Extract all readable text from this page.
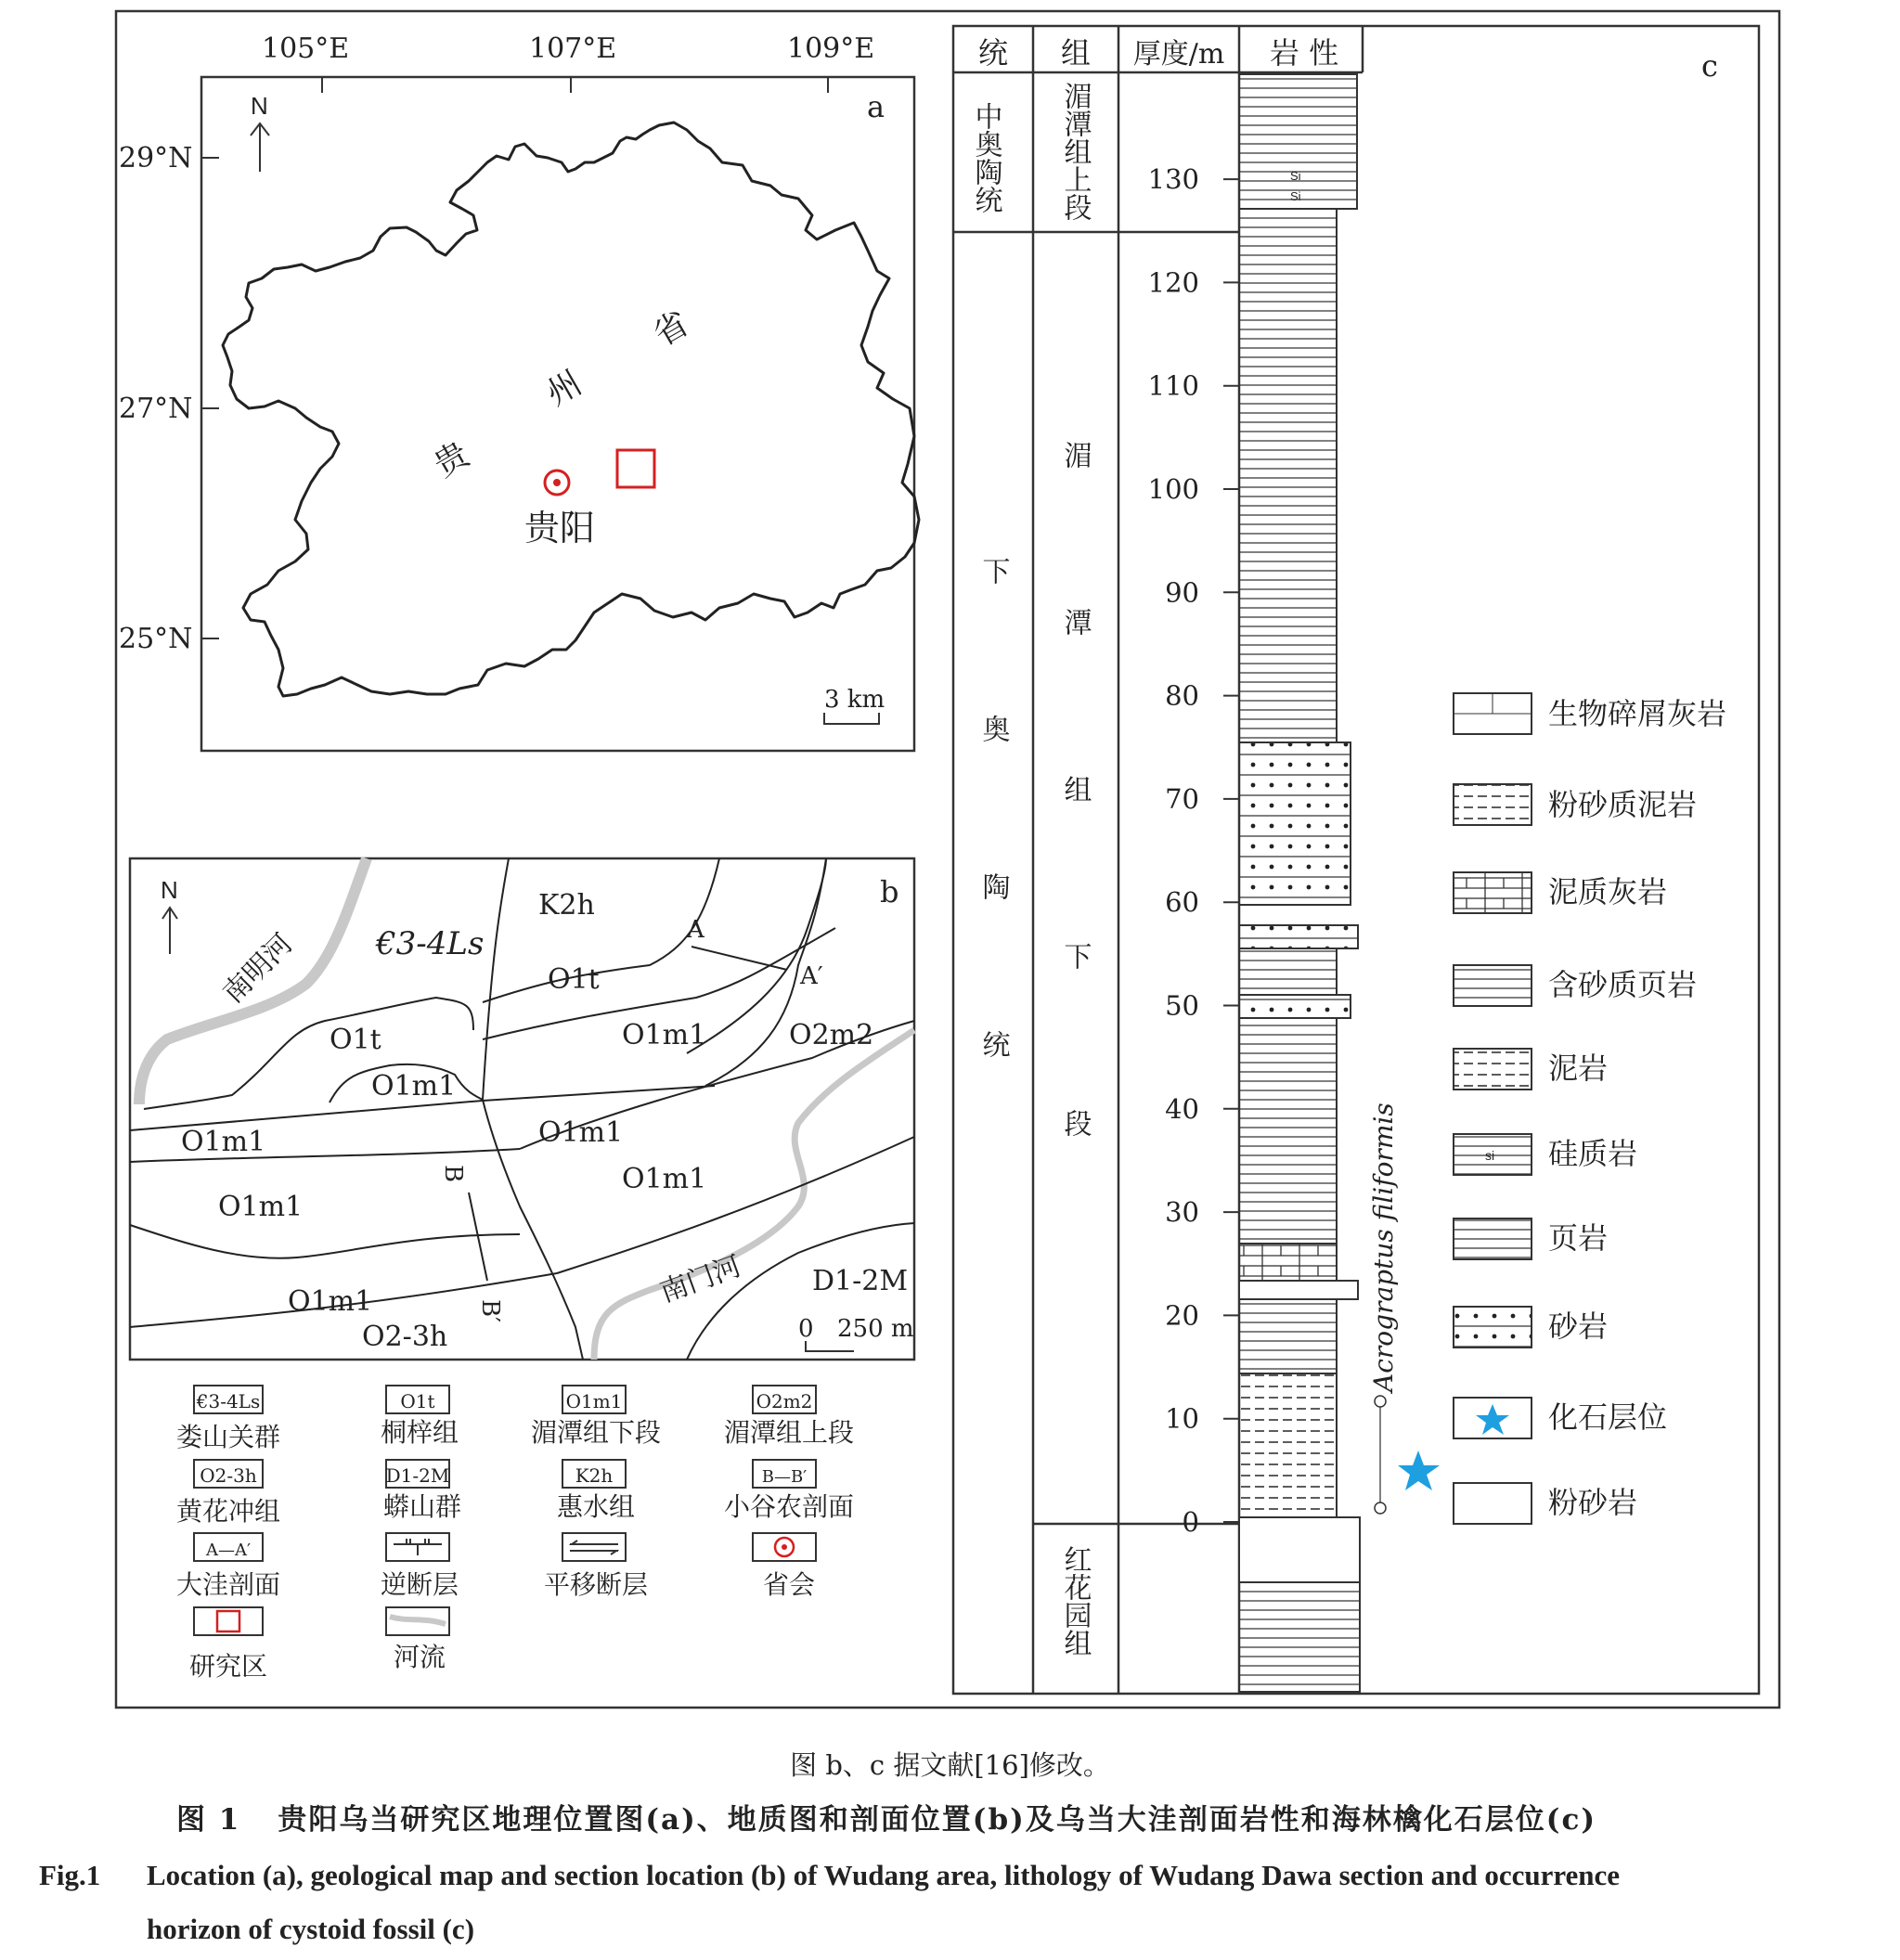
105°E	107°E	109°E
29°N
27°N
25°N
N	a
贵
州
省
贵阳
3 km
b
N
南明河
南门河
A
A′
B
B′
€3-4Ls
K2h
O1t
O1t
O1m1
O1m1	O2m2
O1m1	O1m1
O1m1
O1m1
O1m1
O2-3h
D1-2M
0 250 m
€3-4Ls
娄山关群
O1t
桐梓组
O1m1
湄潭组下段
O2m2
湄潭组上段
O2-3h
黄花冲组
D1-2M
蟒山群
K2h
惠水组
B—B′
小谷农剖面
A—A′
大洼剖面	逆断层	平移断层	省会
研究区	河流
统 组 厚度/m 岩 性	c
中奥陶统
下奥陶统
湄潭组上段
湄潭组下段
红花园组
130
120
110
100
90
80
70
60
50
40
30
20
10
0
Si
Si
Acrograptus filiformis
生物碎屑灰岩
粉砂质泥岩
泥质灰岩
含砂质页岩
泥岩
si 硅质岩
页岩
砂岩
化石层位
粉砂岩
图 b、c 据文献[16]修改。
图 1 贵阳乌当研究区地理位置图(a)、地质图和剖面位置(b)及乌当大洼剖面岩性和海林檎化石层位(c)
Fig.1 Location (a), geological map and section location (b) of Wudang area, lithology of Wudang Dawa section and occurrence
horizon of cystoid fossil (c)
